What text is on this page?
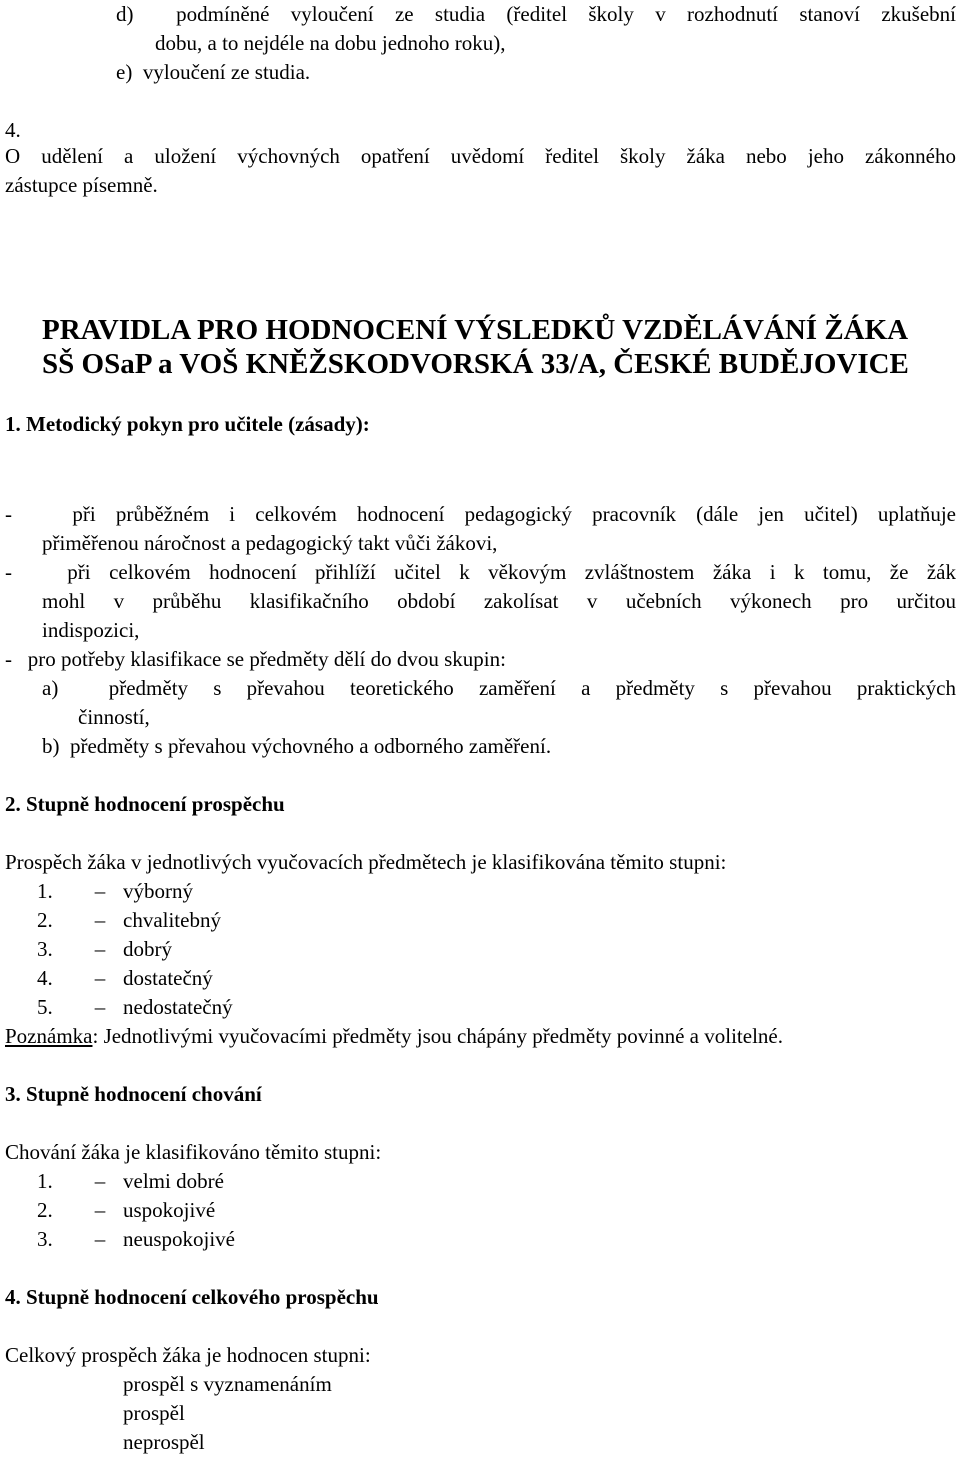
d)  podmíněné vyloučení ze studia (ředitel školy v rozhodnutí stanoví zkušební
dobu, a to nejdéle na dobu jednoho roku),
e)  vyloučení ze studia.
4.
O udělení a uložení výchovných opatření uvědomí ředitel školy žáka nebo jeho zákonného
zástupce písemně.
PRAVIDLA PRO HODNOCENÍ VÝSLEDKŮ VZDĚLÁVÁNÍ ŽÁKA
SŠ OSaP a VOŠ KNĚŽSKODVORSKÁ 33/A, ČESKÉ BUDĚJOVICE
1. Metodický pokyn pro učitele (zásady):
-   při průběžném i celkovém hodnocení pedagogický pracovník (dále jen učitel) uplatňuje
přiměřenou náročnost a pedagogický takt vůči žákovi,
-   při celkovém hodnocení přihlíží učitel k věkovým zvláštnostem žáka i k tomu, že žák
mohl v průběhu klasifikačního období zakolísat v učebních výkonech pro určitou
indispozici,
-   pro potřeby klasifikace se předměty dělí do dvou skupin:
a)  předměty s převahou teoretického zaměření a předměty s převahou praktických
činností,
b)  předměty s převahou výchovného a odborného zaměření.
2. Stupně hodnocení prospěchu
Prospěch žáka v jednotlivých vyučovacích předmětech je klasifikována těmito stupni:
1. – výborný
2. – chvalitebný
3. – dobrý
4. – dostatečný
5. – nedostatečný
Poznámka: Jednotlivými vyučovacími předměty jsou chápány předměty povinné a volitelné.
3. Stupně hodnocení chování
Chování žáka je klasifikováno těmito stupni:
1. – velmi dobré
2. – uspokojivé
3. – neuspokojivé
4. Stupně hodnocení celkového prospěchu
Celkový prospěch žáka je hodnocen stupni:
prospěl s vyznamenáním
prospěl
neprospěl
